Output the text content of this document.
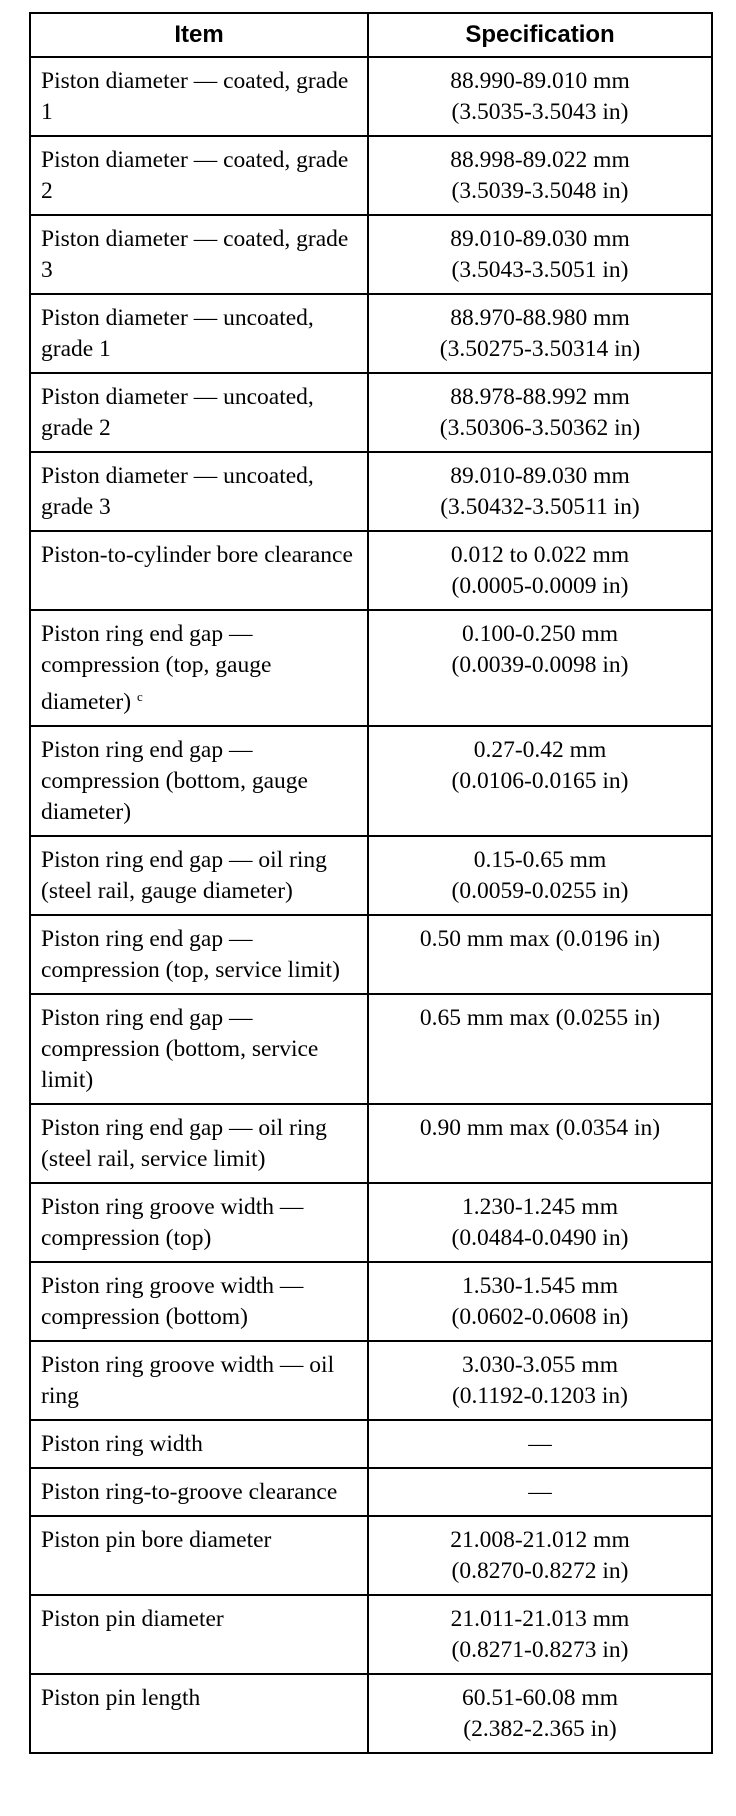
Item	Specification
Piston diameter — coated, grade 1	88.990-89.010 mm
(3.5035-3.5043 in)

Piston diameter — coated, grade 2	88.998-89.022 mm
(3.5039-3.5048 in)

Piston diameter — coated, grade 3	89.010-89.030 mm
(3.5043-3.5051 in)

Piston diameter — uncoated, grade 1	88.970-88.980 mm
(3.50275-3.50314 in)

Piston diameter — uncoated, grade 2	88.978-88.992 mm
(3.50306-3.50362 in)

Piston diameter — uncoated, grade 3	89.010-89.030 mm
(3.50432-3.50511 in)

Piston-to-cylinder bore clearance	0.012 to 0.022 mm
(0.0005-0.0009 in)

Piston ring end gap — compression (top, gauge diameter) $^c$	0.100-0.250 mm
(0.0039-0.0098 in)

Piston ring end gap — compression (bottom, gauge diameter)	0.27-0.42 mm
(0.0106-0.0165 in)

Piston ring end gap — oil ring (steel rail, gauge diameter)	0.15-0.65 mm
(0.0059-0.0255 in)

Piston ring end gap — compression (top, service limit)	0.50 mm max (0.0196 in)

Piston ring end gap — compression (bottom, service limit)	0.65 mm max (0.0255 in)

Piston ring end gap — oil ring (steel rail, service limit)	0.90 mm max (0.0354 in)

Piston ring groove width — compression (top)	1.230-1.245 mm
(0.0484-0.0490 in)

Piston ring groove width — compression (bottom)	1.530-1.545 mm
(0.0602-0.0608 in)

Piston ring groove width — oil ring	3.030-3.055 mm
(0.1192-0.1203 in)

Piston ring width	—

Piston ring-to-groove clearance	—

Piston pin bore diameter	21.008-21.012 mm
(0.8270-0.8272 in)

Piston pin diameter	21.011-21.013 mm
(0.8271-0.8273 in)

Piston pin length	60.51-60.08 mm
(2.382-2.365 in)
